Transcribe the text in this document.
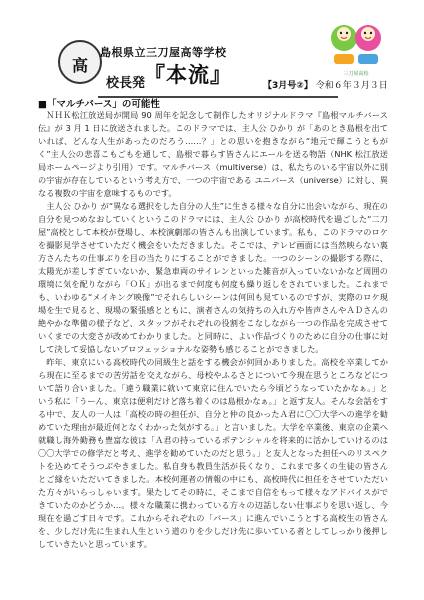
高
島根県立三刀屋高等学校
校長発
『本流』	【3月号②】 令和６年３月３日
三刀屋高校
■「マルチバース」の可能性

ＮＨＫ松江放送局が開局 90 周年を記念して制作したオリジナルドラマ『島根マルチバース伝』が 3 月 1 日に放送されました。このドラマでは、主人公 ひかり が「あのとき島根を出ていれば、どんな人生があったのだろう……？」との思いを抱きながら“地元で輝こうともがく”主人公の悲喜こもごもを通して、島根で暮らす皆さんにエールを送る物語（NHK 松江放送局ホームページより引用）です。マルチバース（multiverse）は、私たちのいる宇宙以外に別の宇宙が存在しているという考え方で、一つの宇宙である ユニバース（universe）に対し、異なる複数の宇宙を意味するものです。

主人公 ひかり が“異なる選択をした自分の人生”に生きる様々な自分に出会いながら、現在の自分を見つめなおしていくというこのドラマには、主人公 ひかり が高校時代を過ごした“二刀屋”高校として本校が登場し、本校演劇部の皆さんも出演しています。私も、このドラマのロケを撮影見学させていただく機会をいただきました。そこでは、テレビ画面には当然映らない裏方さんたちの仕事ぶりを目の当たりにすることができました。一つのシーンの撮影する際に、太陽光が差しすぎていないか、緊急車両のサイレンといった雑音が入っていないかなど周囲の環境に気を配りながら「ＯＫ」が出るまで何度も何度も繰り返しをされていました。これまでも、いわゆる“メイキング映像”でそれらしいシーンは何回も見ているのですが、実際のロケ現場を生で見ると、現場の緊張感とともに、演者さんの気持ちの入れ方や皆声さんやＡＤさんの絶やかな準備の様子など、スタッフがそれぞれの役割をこなしながら一つの作品を完成させていくまでの大変さが改めてわかりました。と同時に、よい作品づくりのために自分の仕事に対して決して妥協しないプロフェッショナルな姿勢も感じることができました。

昨年、東京にいる高校時代の同級生と話をする機会が何回かありました。高校を卒業してから現在に至るまでの苦労話を交えながら、母校やふるさとについて今現在思うところなどについて語り合いました。「違う職業に就いて東京に住んでいたら今頃どうなっていたかなぁ。」という私に「うーん、東京は便利だけど落ち着くのは島根かなぁ。」と返す友人。そんな会話をする中で、友人の一人は「高校の時の担任が、自分と仲の良かったＡ君に〇〇大学への進学を勧めていた理由が最近何となくわかった気がする。」と言いました。大学を卒業後、東京の企業へ就職し海外勤務も豊富な彼は「Ａ君の持っているポテンシャルを将来的に活かしていけるのは〇〇大学での修学だと考え、進学を勧めていたのだと思う。」と友人となった担任へのリスペクトを込めてそうつぶやきました。私自身も教員生活が長くなり、これまで多くの生徒の皆さんとご縁をいただいてきました。本校何運者の情報の中にも、高校時代に担任をさせていただいた方々がいらっしゃいます。果たしてその時に、そこまで自信をもって様々なアドバイスができていたのかどうか…。様々な職業に携わっている方々の辺話しない仕事ぶりを思い返し、今現在を過ごす日々です。これからそれぞれの「バース」に進んでいこうとする高校生の皆さんを、少しだけ先に生まれ人生という道のりを少しだけ先に歩いている者としてしっかり後押ししていきたいと思っています。
